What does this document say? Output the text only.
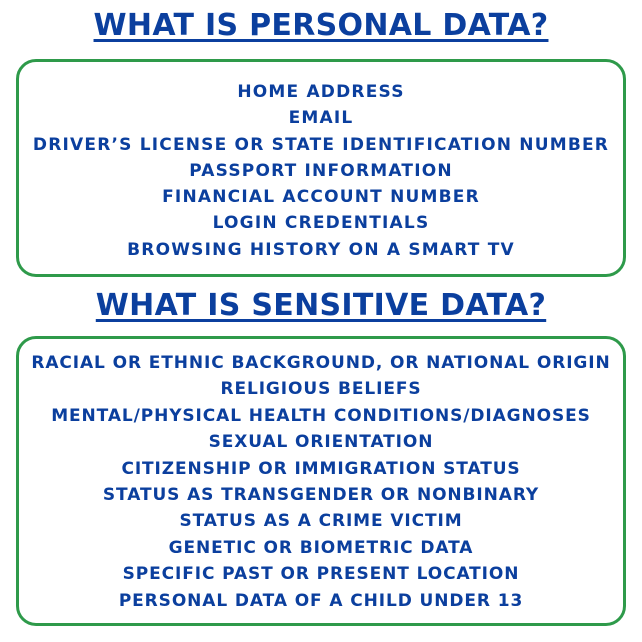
WHAT IS PERSONAL DATA?
HOME ADDRESS
EMAIL
DRIVER’S LICENSE OR STATE IDENTIFICATION NUMBER
PASSPORT INFORMATION
FINANCIAL ACCOUNT NUMBER
LOGIN CREDENTIALS
BROWSING HISTORY ON A SMART TV
WHAT IS SENSITIVE DATA?
RACIAL OR ETHNIC BACKGROUND, OR NATIONAL ORIGIN
RELIGIOUS BELIEFS
MENTAL/PHYSICAL HEALTH CONDITIONS/DIAGNOSES
SEXUAL ORIENTATION
CITIZENSHIP OR IMMIGRATION STATUS
STATUS AS TRANSGENDER OR NONBINARY
STATUS AS A CRIME VICTIM
GENETIC OR BIOMETRIC DATA
SPECIFIC PAST OR PRESENT LOCATION
PERSONAL DATA OF A CHILD UNDER 13
